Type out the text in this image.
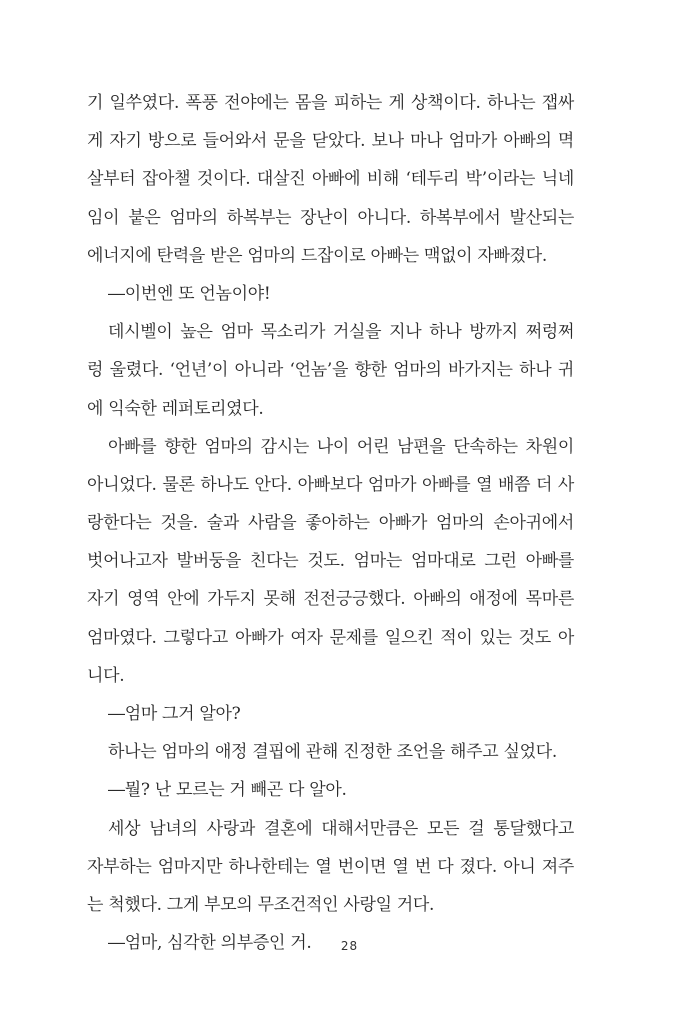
기 일쑤였다. 폭풍 전야에는 몸을 피하는 게 상책이다. 하나는 잽싸
게 자기 방으로 들어와서 문을 닫았다. 보나 마나 엄마가 아빠의 멱
살부터 잡아챌 것이다. 대살진 아빠에 비해 ‘테두리 박’이라는 닉네
임이 붙은 엄마의 하복부는 장난이 아니다. 하복부에서 발산되는
에너지에 탄력을 받은 엄마의 드잡이로 아빠는 맥없이 자빠졌다.
―이번엔 또 언놈이야!
데시벨이 높은 엄마 목소리가 거실을 지나 하나 방까지 쩌렁쩌
렁 울렸다. ‘언년’이 아니라 ‘언놈’을 향한 엄마의 바가지는 하나 귀
에 익숙한 레퍼토리였다.
아빠를 향한 엄마의 감시는 나이 어린 남편을 단속하는 차원이
아니었다. 물론 하나도 안다. 아빠보다 엄마가 아빠를 열 배쯤 더 사
랑한다는 것을. 술과 사람을 좋아하는 아빠가 엄마의 손아귀에서
벗어나고자 발버둥을 친다는 것도. 엄마는 엄마대로 그런 아빠를
자기 영역 안에 가두지 못해 전전긍긍했다. 아빠의 애정에 목마른
엄마였다. 그렇다고 아빠가 여자 문제를 일으킨 적이 있는 것도 아
니다.
―엄마 그거 알아?
하나는 엄마의 애정 결핍에 관해 진정한 조언을 해주고 싶었다.
―뭘? 난 모르는 거 빼곤 다 알아.
세상 남녀의 사랑과 결혼에 대해서만큼은 모든 걸 통달했다고
자부하는 엄마지만 하나한테는 열 번이면 열 번 다 졌다. 아니 져주
는 척했다. 그게 부모의 무조건적인 사랑일 거다.
―엄마, 심각한 의부증인 거.	28
